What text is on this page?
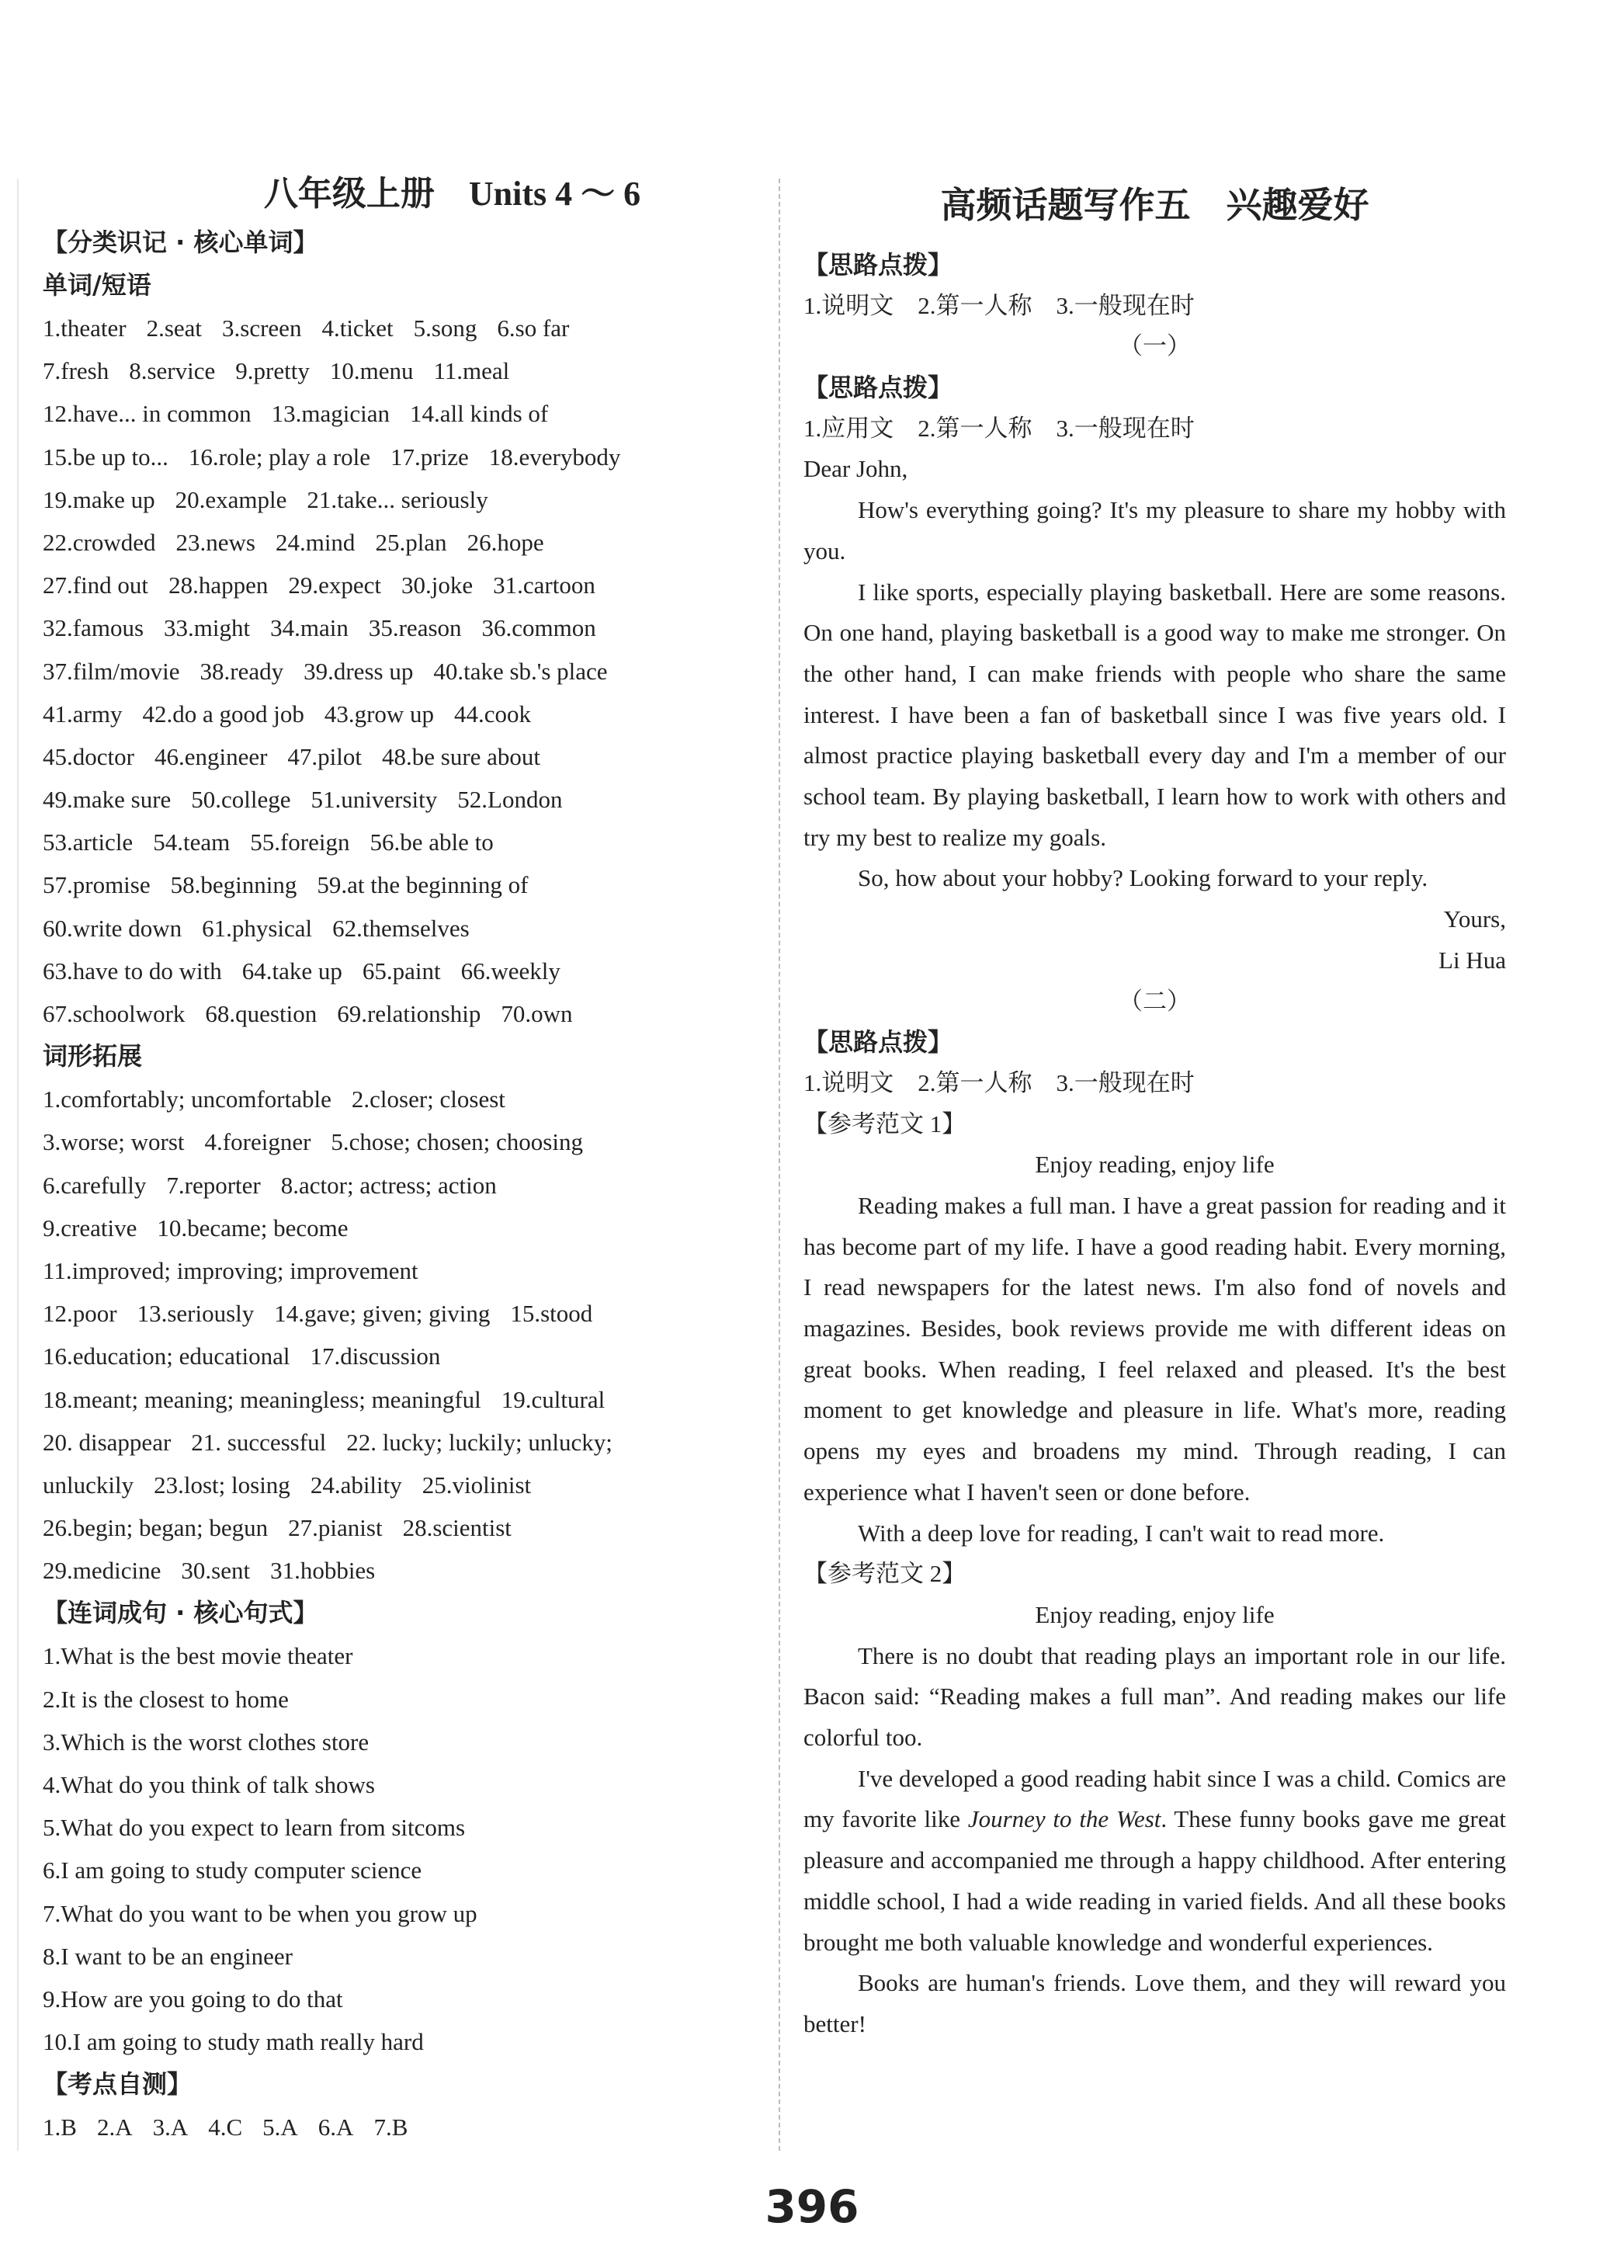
八年级上册　Units 4 ～ 6
【分类识记 · 核心单词】
单词/短语
1.theater 2.seat 3.screen 4.ticket 5.song 6.so far
7.fresh 8.service 9.pretty 10.menu 11.meal
12.have... in common 13.magician 14.all kinds of
15.be up to... 16.role; play a role 17.prize 18.everybody
19.make up 20.example 21.take... seriously
22.crowded 23.news 24.mind 25.plan 26.hope
27.find out 28.happen 29.expect 30.joke 31.cartoon
32.famous 33.might 34.main 35.reason 36.common
37.film/movie 38.ready 39.dress up 40.take sb.'s place
41.army 42.do a good job 43.grow up 44.cook
45.doctor 46.engineer 47.pilot 48.be sure about
49.make sure 50.college 51.university 52.London
53.article 54.team 55.foreign 56.be able to
57.promise 58.beginning 59.at the beginning of
60.write down 61.physical 62.themselves
63.have to do with 64.take up 65.paint 66.weekly
67.schoolwork 68.question 69.relationship 70.own
词形拓展
1.comfortably; uncomfortable 2.closer; closest
3.worse; worst 4.foreigner 5.chose; chosen; choosing
6.carefully 7.reporter 8.actor; actress; action
9.creative 10.became; become
11.improved; improving; improvement
12.poor 13.seriously 14.gave; given; giving 15.stood
16.education; educational 17.discussion
18.meant; meaning; meaningless; meaningful 19.cultural
20. disappear 21. successful 22. lucky; luckily; unlucky;
unluckily 23.lost; losing 24.ability 25.violinist
26.begin; began; begun 27.pianist 28.scientist
29.medicine 30.sent 31.hobbies
【连词成句 · 核心句式】
1.What is the best movie theater
2.It is the closest to home
3.Which is the worst clothes store
4.What do you think of talk shows
5.What do you expect to learn from sitcoms
6.I am going to study computer science
7.What do you want to be when you grow up
8.I want to be an engineer
9.How are you going to do that
10.I am going to study math really hard
【考点自测】
1.B 2.A 3.A 4.C 5.A 6.A 7.B
高频话题写作五　兴趣爱好
【思路点拨】
1.说明文　2.第一人称　3.一般现在时
（一）
【思路点拨】
1.应用文　2.第一人称　3.一般现在时
Dear John,

How's everything going? It's my pleasure to share my hobby with you.

I like sports, especially playing basketball. Here are some reasons. On one hand, playing basketball is a good way to make me stronger. On the other hand, I can make friends with people who share the same interest. I have been a fan of basketball since I was five years old. I almost practice playing basketball every day and I'm a member of our school team. By playing basketball, I learn how to work with others and try my best to realize my goals.

So, how about your hobby? Looking forward to your reply.

Yours,
Li Hua
（二）
【思路点拨】
1.说明文　2.第一人称　3.一般现在时
【参考范文 1】
Enjoy reading, enjoy life

Reading makes a full man. I have a great passion for reading and it has become part of my life. I have a good reading habit. Every morning, I read newspapers for the latest news. I'm also fond of novels and magazines. Besides, book reviews provide me with different ideas on great books. When reading, I feel relaxed and pleased. It's the best moment to get knowledge and pleasure in life. What's more, reading opens my eyes and broadens my mind. Through reading, I can experience what I haven't seen or done before.

With a deep love for reading, I can't wait to read more.

【参考范文 2】
Enjoy reading, enjoy life

There is no doubt that reading plays an important role in our life. Bacon said: “Reading makes a full man”. And reading makes our life colorful too.

I've developed a good reading habit since I was a child. Comics are my favorite like Journey to the West. These funny books gave me great pleasure and accompanied me through a happy childhood. After entering middle school, I had a wide reading in varied fields. And all these books brought me both valuable knowledge and wonderful experiences.

Books are human's friends. Love them, and they will reward you better!

396
